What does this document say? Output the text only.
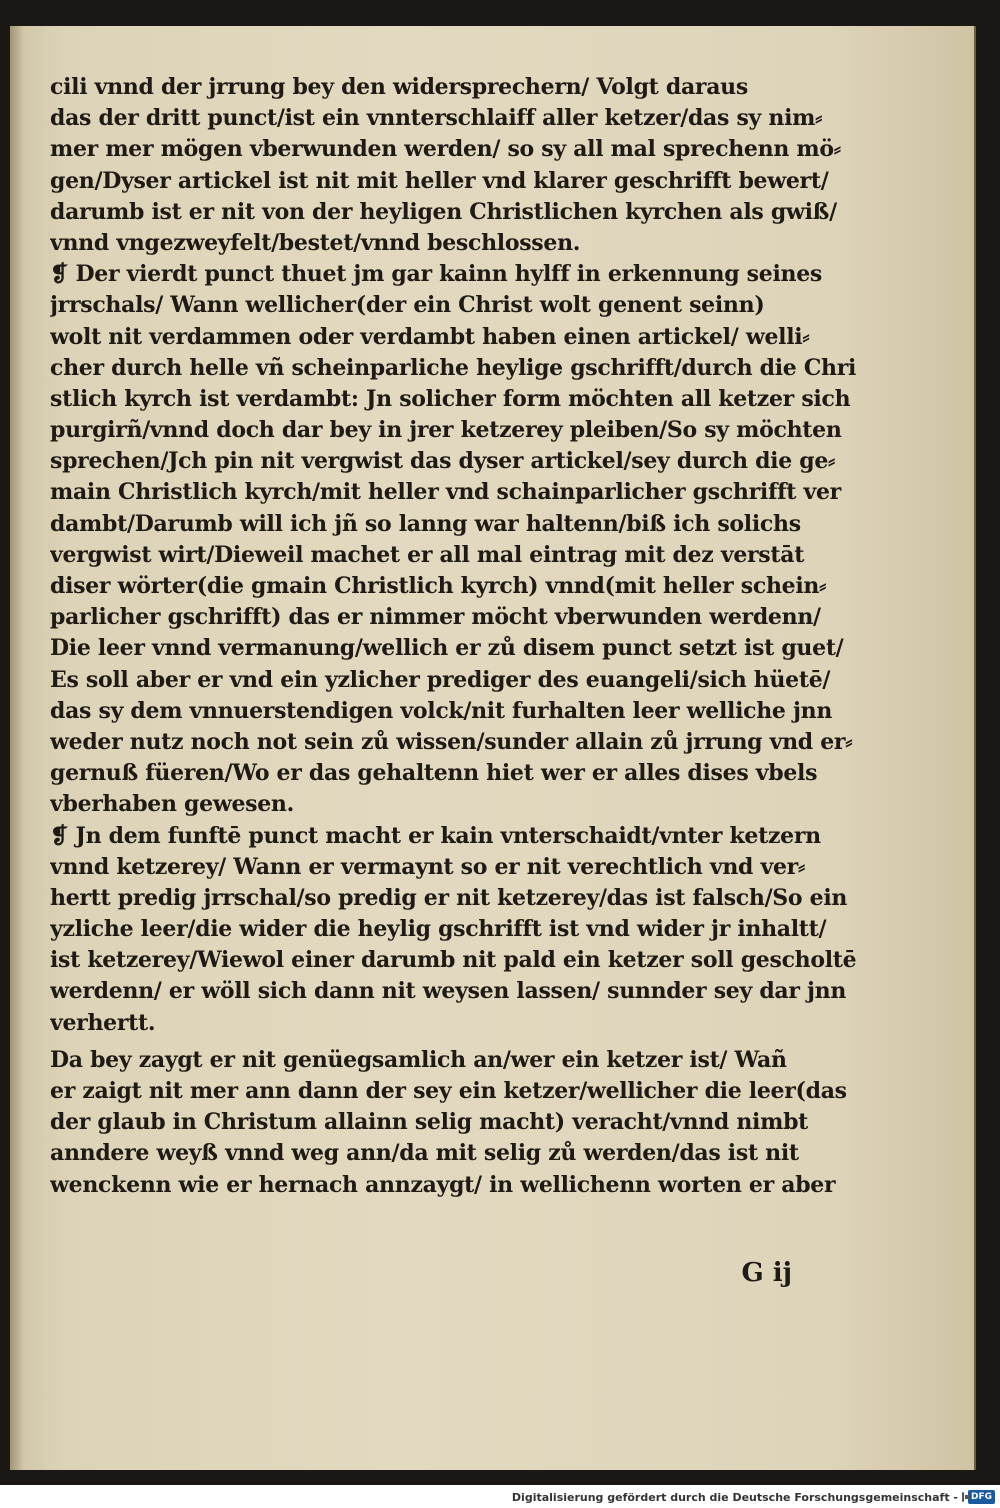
cili vnnd der jrrung bey den widersprechern/ Volgt daraus
das der dritt punct/ist ein vnnterschlaiff aller ketzer/das sy nim⸗
mer mer mögen vberwunden werden/ so sy all mal sprechenn mö⸗
gen/Dyser artickel ist nit mit heller vnd klarer geschrifft bewert/
darumb ist er nit von der heyligen Christlichen kyrchen als gwiß/
vnnd vngezweyfelt/bestet/vnnd beschlossen.
❡ Der vierdt punct thuet jm gar kainn hylff in erkennung seines
jrrschals/ Wann wellicher(der ein Christ wolt genent seinn)
wolt nit verdammen oder verdambt haben einen artickel/ welli⸗
cher durch helle vñ scheinparliche heylige gschrifft/durch die Chri
stlich kyrch ist verdambt: Jn solicher form möchten all ketzer sich
purgirñ/vnnd doch dar bey in jrer ketzerey pleiben/So sy möchten
sprechen/Jch pin nit vergwist das dyser artickel/sey durch die ge⸗
main Christlich kyrch/mit heller vnd schainparlicher gschrifft ver
dambt/Darumb will ich jñ so lanng war haltenn/biß ich solichs
vergwist wirt/Dieweil machet er all mal eintrag mit dez verstāt
diser wörter(die gmain Christlich kyrch) vnnd(mit heller schein⸗
parlicher gschrifft) das er nimmer möcht vberwunden werdenn/
Die leer vnnd vermanung/wellich er zů disem punct setzt ist guet/
Es soll aber er vnd ein yzlicher prediger des euangeli/sich hüetē/
das sy dem vnnuerstendigen volck/nit furhalten leer welliche jnn
weder nutz noch not sein zů wissen/sunder allain zů jrrung vnd er⸗
gernuß füeren/Wo er das gehaltenn hiet wer er alles dises vbels
vberhaben gewesen.
❡ Jn dem funftē punct macht er kain vnterschaidt/vnter ketzern
vnnd ketzerey/ Wann er vermaynt so er nit verechtlich vnd ver⸗
hertt predig jrrschal/so predig er nit ketzerey/das ist falsch/So ein
yzliche leer/die wider die heylig gschrifft ist vnd wider jr inhaltt/
ist ketzerey/Wiewol einer darumb nit pald ein ketzer soll gescholtē
werdenn/ er wöll sich dann nit weysen lassen/ sunnder sey dar jnn
verhertt.
Da bey zaygt er nit genüegsamlich an/wer ein ketzer ist/ Wañ
er zaigt nit mer ann dann der sey ein ketzer/wellicher die leer(das
der glaub in Christum allainn selig macht) veracht/vnnd nimbt
anndere weyß vnnd weg ann/da mit selig zů werden/das ist nit
wenckenn wie er hernach annzaygt/ in wellichenn worten er aber
G ij
Digitalisierung gefördert durch die Deutsche Forschungsgemeinschaft -	DFG
